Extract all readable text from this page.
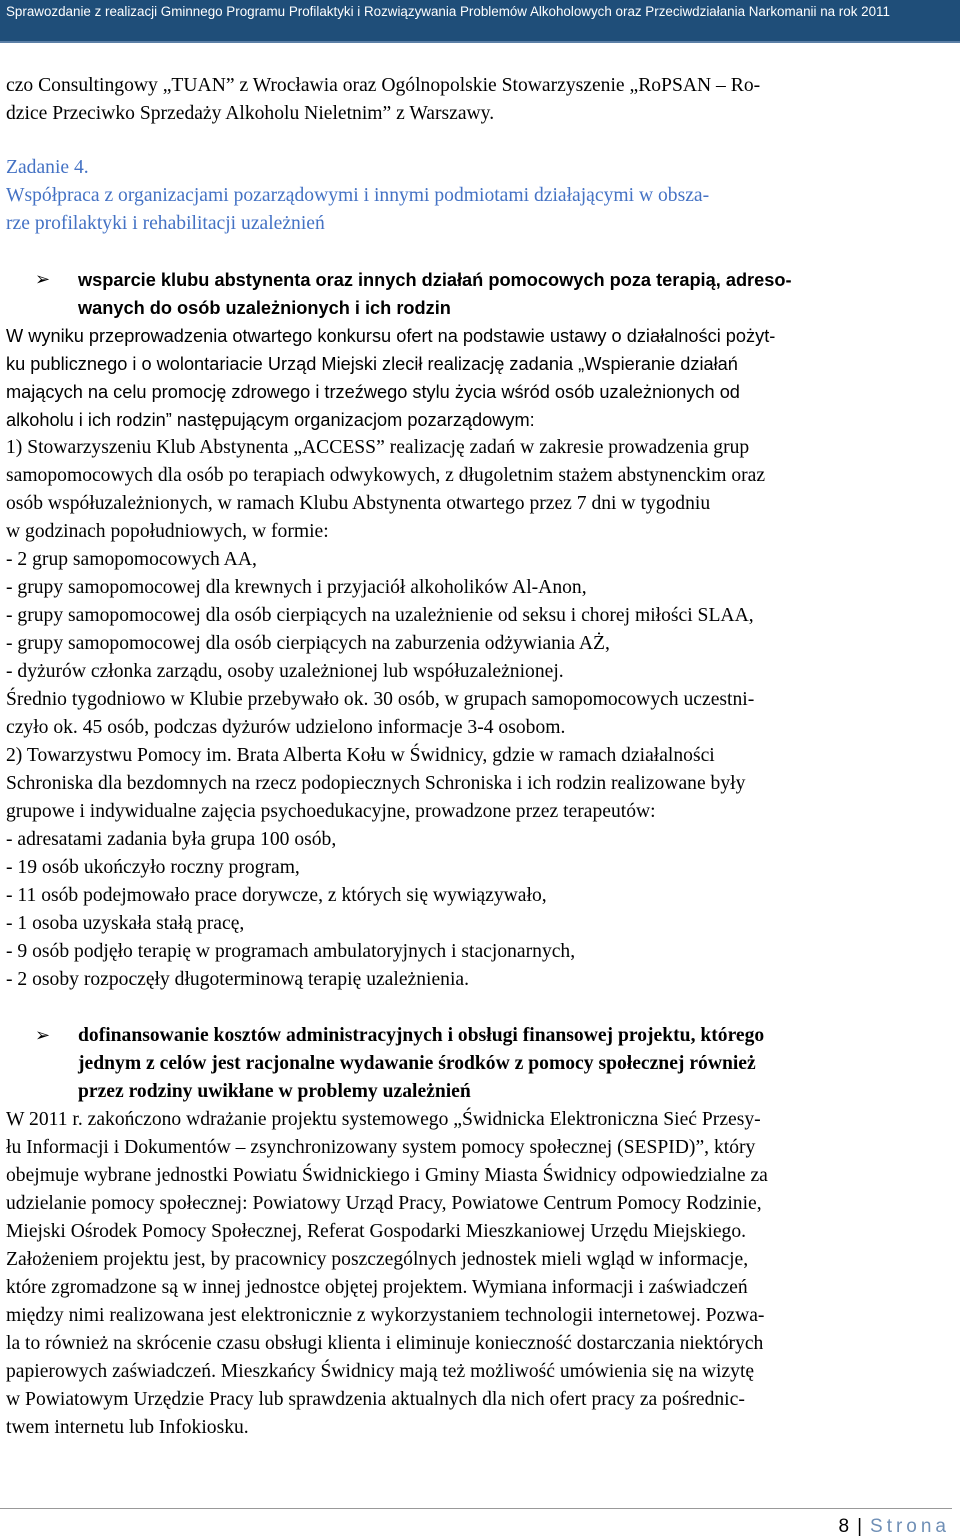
Sprawozdanie z realizacji Gminnego Programu Profilaktyki i Rozwiązywania Problemów Alkoholowych oraz Przeciwdziałania Narkomanii na rok 2011

czo Consultingowy „TUAN” z Wrocławia oraz Ogólnopolskie Stowarzyszenie „RoPSAN – Ro-

dzice Przeciwko Sprzedaży Alkoholu Nieletnim” z Warszawy.

Zadanie 4.

Współpraca z organizacjami pozarządowymi i innymi podmiotami działającymi w obsza-

rze profilaktyki i rehabilitacji uzależnień

➢ wsparcie klubu abstynenta oraz innych działań pomocowych poza terapią, adreso-

wanych do osób uzależnionych i ich rodzin

W wyniku przeprowadzenia otwartego konkursu ofert na podstawie ustawy o działalności pożyt-

ku publicznego i o wolontariacie Urząd Miejski zlecił realizację zadania „Wspieranie działań

mających na celu promocję zdrowego i trzeźwego stylu życia wśród osób uzależnionych od

alkoholu i ich rodzin” następującym organizacjom pozarządowym:

1) Stowarzyszeniu Klub Abstynenta „ACCESS” realizację zadań w zakresie prowadzenia grup

samopomocowych dla osób po terapiach odwykowych, z długoletnim stażem abstynenckim oraz

osób współuzależnionych, w ramach Klubu Abstynenta otwartego przez 7 dni w tygodniu

w godzinach popołudniowych, w formie:

- 2 grup samopomocowych AA,

- grupy samopomocowej dla krewnych i przyjaciół alkoholików Al-Anon,

- grupy samopomocowej dla osób cierpiących na uzależnienie od seksu i chorej miłości SLAA,

- grupy samopomocowej dla osób cierpiących na zaburzenia odżywiania AŻ,

- dyżurów członka zarządu, osoby uzależnionej lub współuzależnionej.

Średnio tygodniowo w Klubie przebywało ok. 30 osób, w grupach samopomocowych uczestni-

czyło ok. 45 osób, podczas dyżurów udzielono informacje 3-4 osobom.

2) Towarzystwu Pomocy im. Brata Alberta Kołu w Świdnicy, gdzie w ramach działalności

Schroniska dla bezdomnych na rzecz podopiecznych Schroniska i ich rodzin realizowane były

grupowe i indywidualne zajęcia psychoedukacyjne, prowadzone przez terapeutów:

- adresatami zadania była grupa 100 osób,

- 19 osób ukończyło roczny program,

- 11 osób podejmowało prace dorywcze, z których się wywiązywało,

- 1 osoba uzyskała stałą pracę,

- 9 osób podjęło terapię w programach ambulatoryjnych i stacjonarnych,

- 2 osoby rozpoczęły długoterminową terapię uzależnienia.

➢ dofinansowanie kosztów administracyjnych i obsługi finansowej projektu, którego

jednym z celów jest racjonalne wydawanie środków z pomocy społecznej również

przez rodziny uwikłane w problemy uzależnień

W 2011 r. zakończono wdrażanie projektu systemowego „Świdnicka Elektroniczna Sieć Przesy-

łu Informacji i Dokumentów – zsynchronizowany system pomocy społecznej (SESPID)”, który

obejmuje wybrane jednostki Powiatu Świdnickiego i Gminy Miasta Świdnicy odpowiedzialne za

udzielanie pomocy społecznej: Powiatowy Urząd Pracy, Powiatowe Centrum Pomocy Rodzinie,

Miejski Ośrodek Pomocy Społecznej, Referat Gospodarki Mieszkaniowej Urzędu Miejskiego.

Założeniem projektu jest, by pracownicy poszczególnych jednostek mieli wgląd w informacje,

które zgromadzone są w innej jednostce objętej projektem. Wymiana informacji i zaświadczeń

między nimi realizowana jest elektronicznie z wykorzystaniem technologii internetowej. Pozwa-

la to również na skrócenie czasu obsługi klienta i eliminuje konieczność dostarczania niektórych

papierowych zaświadczeń. Mieszkańcy Świdnicy mają też możliwość umówienia się na wizytę

w Powiatowym Urzędzie Pracy lub sprawdzenia aktualnych dla nich ofert pracy za pośrednic-

twem internetu lub Infokiosku.

8 | Strona
